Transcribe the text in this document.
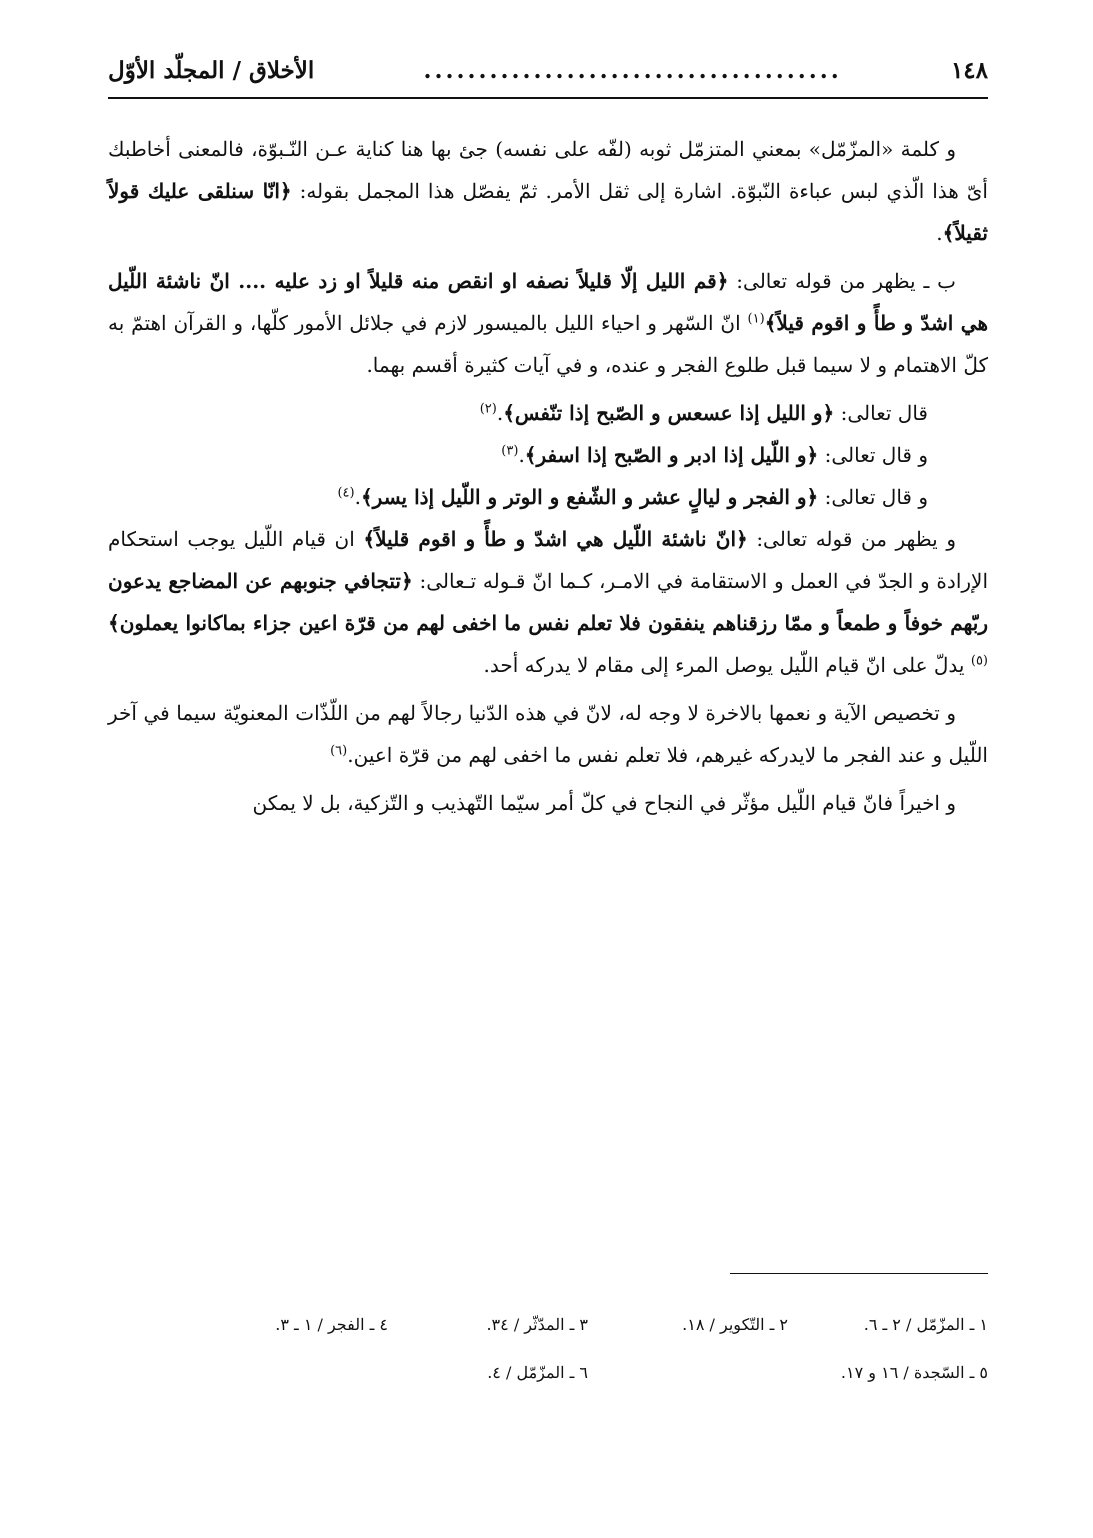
١٤٨
......................................
الأخلاق / المجلّد الأوّل

و كلمة «المزّمّل» بمعني المتزمّل ثوبه (لفّه على نفسه) جئ بها هنا كناية عـن النّـبوّة، فالمعنى أخاطبك أىّ هذا الّذي لبس عباءة النّبوّة. اشارة إلى ثقل الأمر. ثمّ يفصّل هذا المجمل بقوله: ﴿انّا سنلقى عليك قولاً ثقيلاً﴾.

ب ـ يظهر من قوله تعالى: ﴿قم الليل إلّا قليلاً نصفه او انقص منه قليلاً او زد عليه .... انّ ناشئة اللّيل هي اشدّ و طأً و اقوم قيلاً﴾$^{(١)}$ انّ السّهر و احياء الليل بالميسور لازم في جلائل الأمور كلّها، و القرآن اهتمّ به كلّ الاهتمام و لا سيما قبل طلوع الفجر و عنده، و في آيات كثيرة أقسم بهما.

قال تعالى: ﴿و الليل إذا عسعس و الصّبح إذا تنّفس﴾.$^{(٢)}$

و قال تعالى: ﴿و اللّيل إذا ادبر و الصّبح إذا اسفر﴾.$^{(٣)}$

و قال تعالى: ﴿و الفجر و ليالٍ عشر و الشّفع و الوتر و اللّيل إذا يسر﴾.$^{(٤)}$

و يظهر من قوله تعالى: ﴿انّ ناشئة اللّيل هي اشدّ و طأً و اقوم قليلاً﴾ ان قيام اللّيل يوجب استحكام الإرادة و الجدّ في العمل و الاستقامة في الامـر، كـما انّ قـوله تـعالى: ﴿تتجافي جنوبهم عن المضاجع يدعون ربّهم خوفاً و طمعاً و ممّا رزقناهم ينفقون فلا تعلم نفس ما اخفى لهم من قرّة اعين جزاء بماكانوا يعملون﴾$^{(٥)}$ يدلّ على انّ قيام اللّيل يوصل المرء إلى مقام لا يدركه أحد.

و تخصيص الآية و نعمها بالاخرة لا وجه له، لانّ في هذه الدّنيا رجالاً لهم من اللّذّات المعنويّة سيما في آخر اللّيل و عند الفجر ما لايدركه غيرهم، فلا تعلم نفس ما اخفى لهم من قرّة اعين.$^{(٦)}$

و اخيراً فانّ قيام اللّيل مؤثّر في النجاح في كلّ أمر سيّما التّهذيب و التّزكية، بل لا يمكن

١ ـ المزّمّل / ٢ ـ ٦.
٢ ـ التّكوير / ١٨.
٣ ـ المدّثّر / ٣٤.
٤ ـ الفجر / ١ ـ ٣.
٥ ـ السّجدة / ١٦ و ١٧.
٦ ـ المزّمّل / ٤.
